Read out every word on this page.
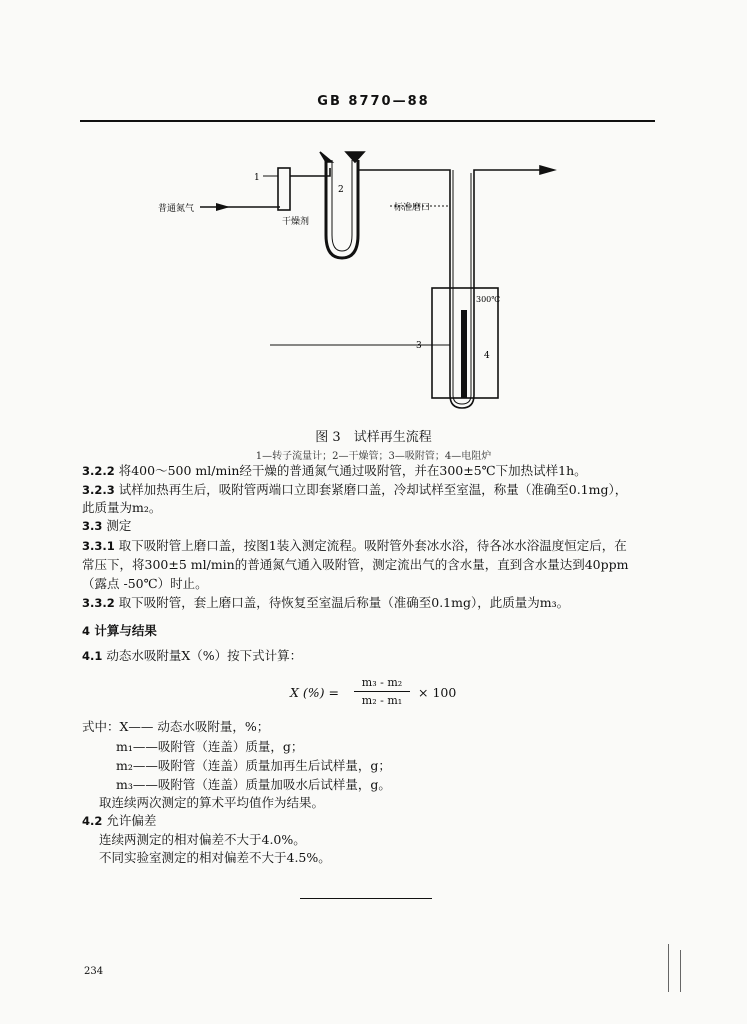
GB 8770—88
1
2
3
4
普通氮气
干燥剂
标准磨口
300℃
图 3　试样再生流程
1—转子流量计；2—干燥管；3—吸附管；4—电阻炉
3.2.2 将400～500 ml/min经干燥的普通氮气通过吸附管，并在300±5℃下加热试样1h。
3.2.3 试样加热再生后，吸附管两端口立即套紧磨口盖，冷却试样至室温，称量（准确至0.1mg），
此质量为m₂。
3.3 测定
3.3.1 取下吸附管上磨口盖，按图1装入测定流程。吸附管外套冰水浴，待各冰水浴温度恒定后，在
常压下，将300±5 ml/min的普通氮气通入吸附管，测定流出气的含水量，直到含水量达到40ppm
（露点 -50℃）时止。
3.3.2 取下吸附管，套上磨口盖，待恢复至室温后称量（准确至0.1mg），此质量为m₃。
4 计算与结果
4.1 动态水吸附量X（%）按下式计算：
X (%) =
m₃ - m₂
m₂ - m₁
× 100
式中：X—— 动态水吸附量，%；
m₁——吸附管（连盖）质量，g；
m₂——吸附管（连盖）质量加再生后试样量，g；
m₃——吸附管（连盖）质量加吸水后试样量，g。
取连续两次测定的算术平均值作为结果。
4.2 允许偏差
连续两测定的相对偏差不大于4.0%。
不同实验室测定的相对偏差不大于4.5%。
234
